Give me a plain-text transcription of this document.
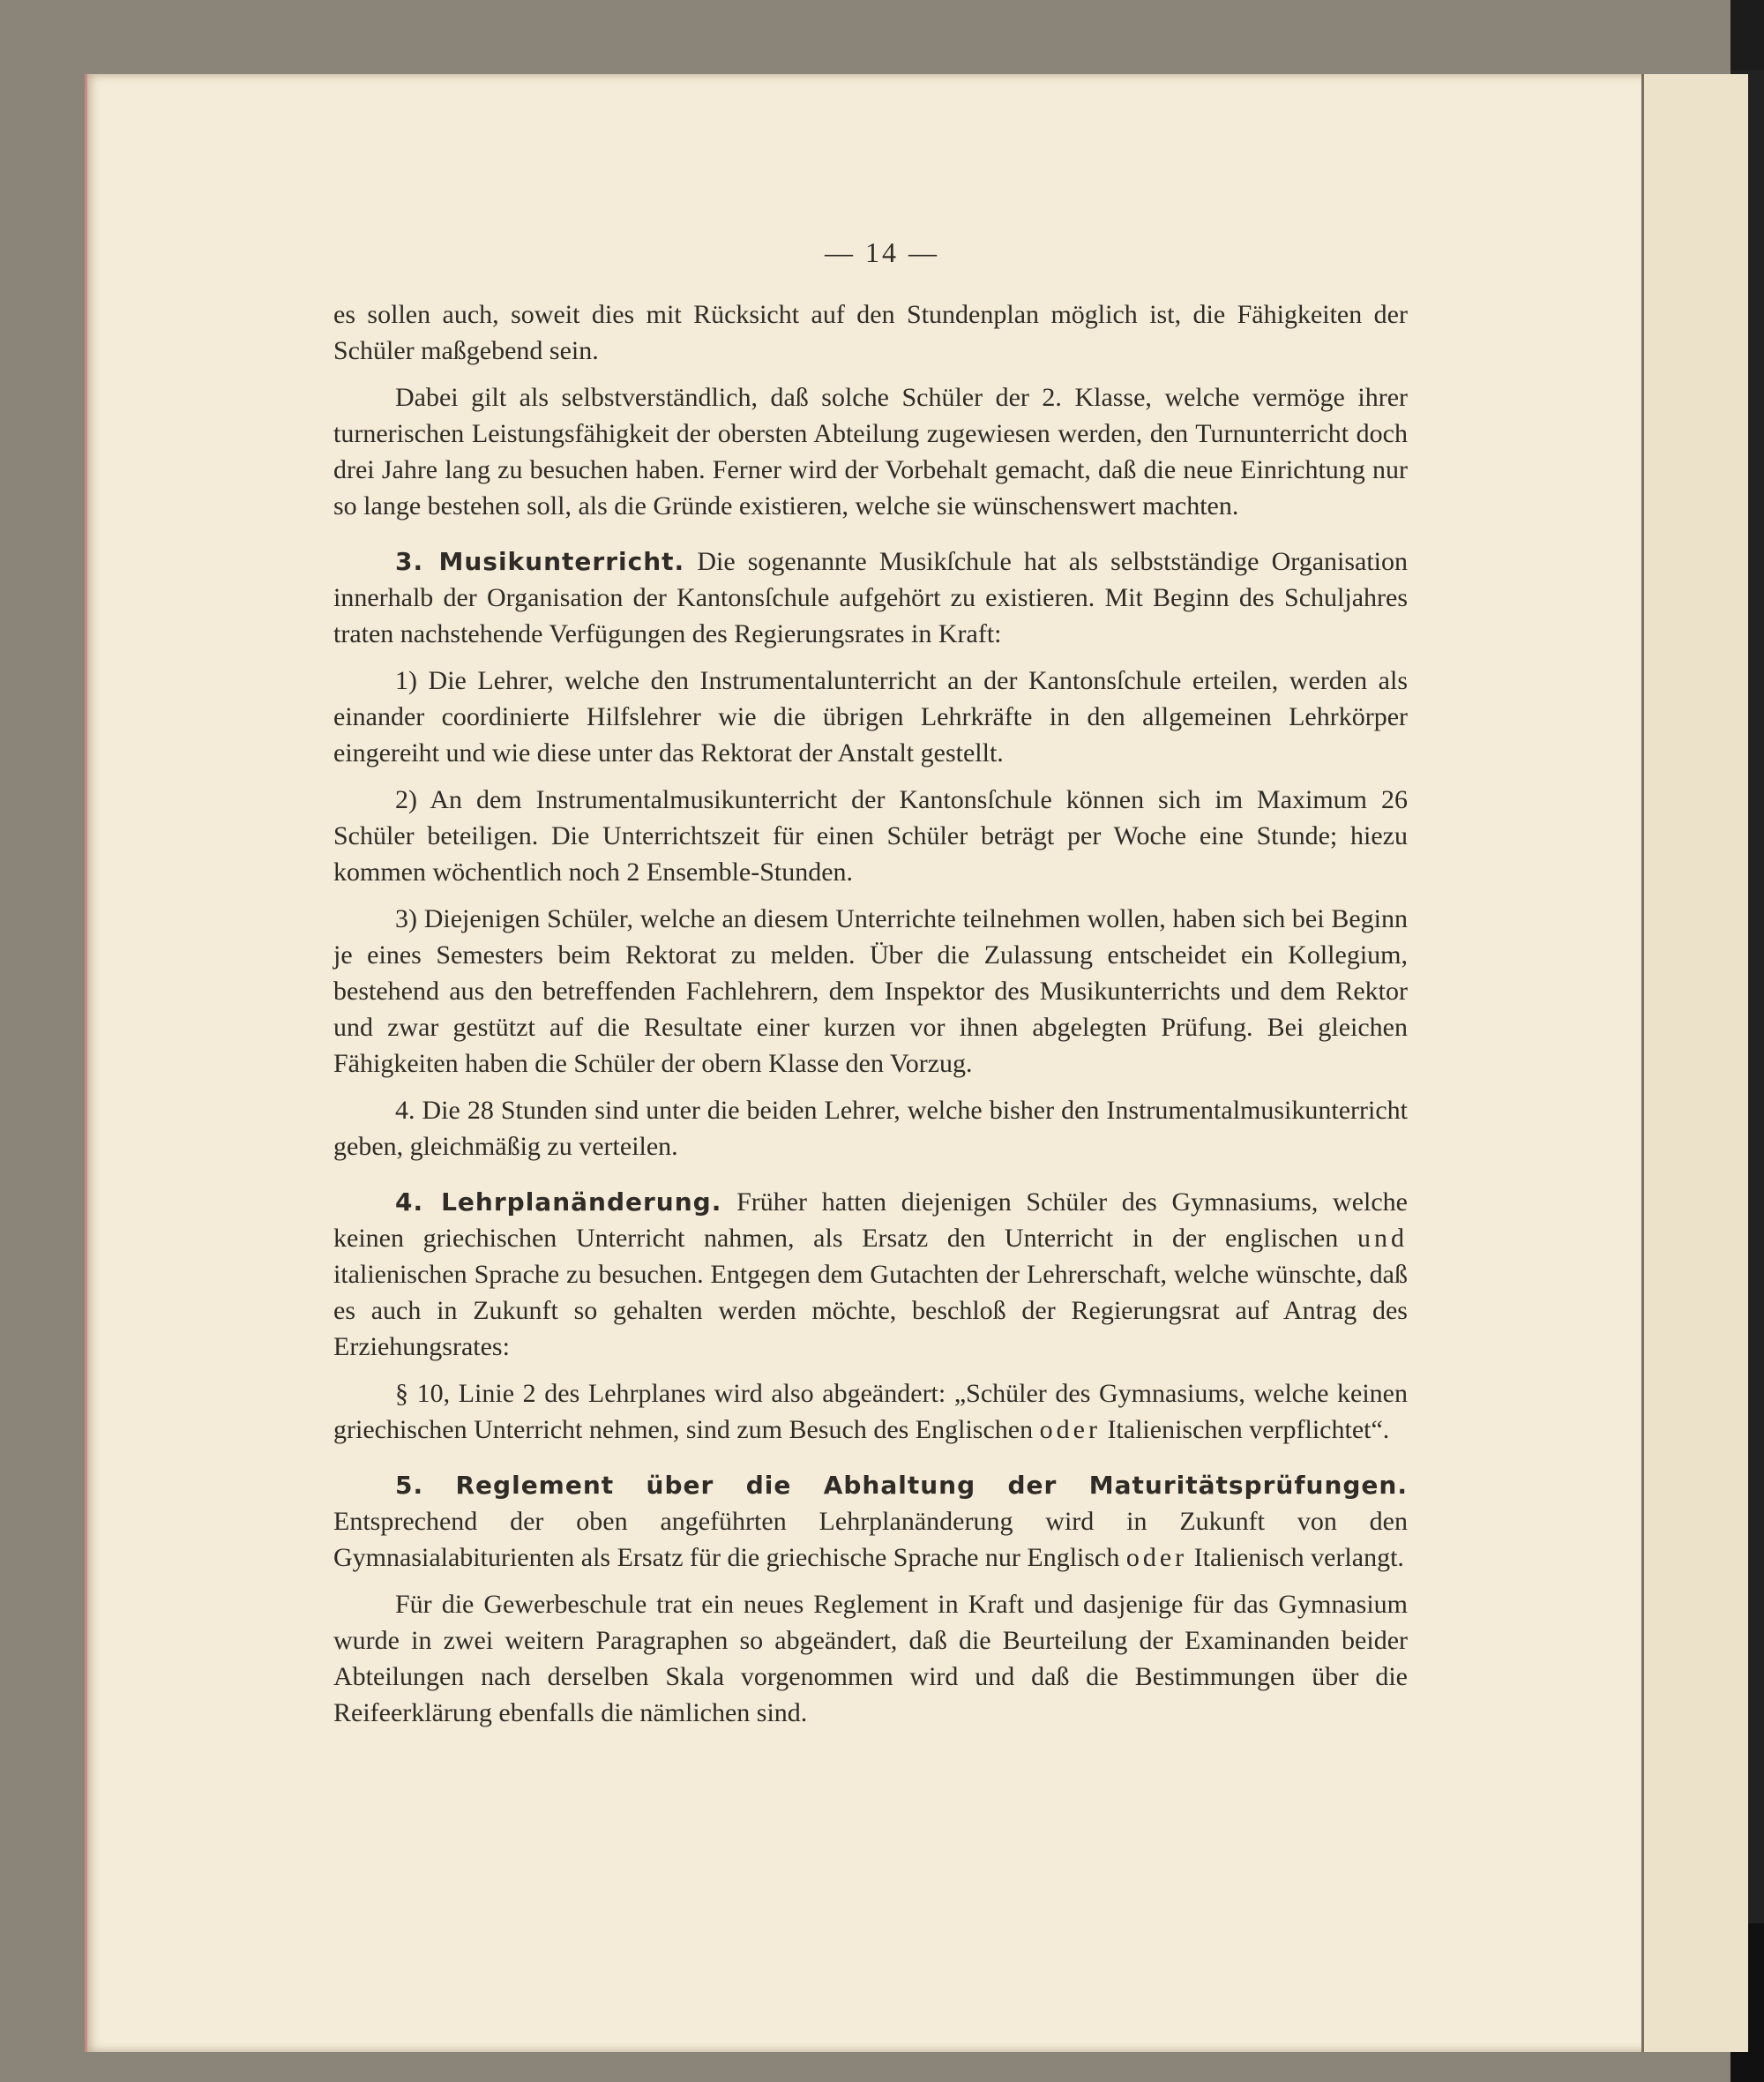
— 14 —

es sollen auch, soweit dies mit Rücksicht auf den Stundenplan möglich ist, die Fähigkeiten der Schüler maßgebend sein.

Dabei gilt als selbstverständlich, daß solche Schüler der 2. Klasse, welche vermöge ihrer turnerischen Leistungsfähigkeit der obersten Abteilung zugewiesen werden, den Turnunterricht doch drei Jahre lang zu besuchen haben. Ferner wird der Vorbehalt gemacht, daß die neue Einrichtung nur so lange bestehen soll, als die Gründe existieren, welche sie wünschenswert machten.

3. Musikunterricht. Die sogenannte Musikſchule hat als selbstständige Organisation innerhalb der Organisation der Kantonsſchule aufgehört zu existieren. Mit Beginn des Schuljahres traten nachstehende Verfügungen des Regierungsrates in Kraft:

1) Die Lehrer, welche den Instrumentalunterricht an der Kantonsſchule erteilen, werden als einander coordinierte Hilfslehrer wie die übrigen Lehrkräfte in den allgemeinen Lehrkörper eingereiht und wie diese unter das Rektorat der Anstalt gestellt.

2) An dem Instrumentalmusikunterricht der Kantonsſchule können sich im Maximum 26 Schüler beteiligen. Die Unterrichtszeit für einen Schüler beträgt per Woche eine Stunde; hiezu kommen wöchentlich noch 2 Ensemble-Stunden.

3) Diejenigen Schüler, welche an diesem Unterrichte teilnehmen wollen, haben sich bei Beginn je eines Semesters beim Rektorat zu melden. Über die Zulassung entscheidet ein Kollegium, bestehend aus den betreffenden Fachlehrern, dem Inspektor des Musikunterrichts und dem Rektor und zwar gestützt auf die Resultate einer kurzen vor ihnen abgelegten Prüfung. Bei gleichen Fähigkeiten haben die Schüler der obern Klasse den Vorzug.

4. Die 28 Stunden sind unter die beiden Lehrer, welche bisher den Instrumentalmusikunterricht geben, gleichmäßig zu verteilen.

4. Lehrplanänderung. Früher hatten diejenigen Schüler des Gymnasiums, welche keinen griechischen Unterricht nahmen, als Ersatz den Unterricht in der englischen und italienischen Sprache zu besuchen. Entgegen dem Gutachten der Lehrerschaft, welche wünschte, daß es auch in Zukunft so gehalten werden möchte, beschloß der Regierungsrat auf Antrag des Erziehungsrates:

§ 10, Linie 2 des Lehrplanes wird also abgeändert: „Schüler des Gymnasiums, welche keinen griechischen Unterricht nehmen, sind zum Besuch des Englischen oder Italienischen verpflichtet“.

5. Reglement über die Abhaltung der Maturitätsprüfungen. Entsprechend der oben angeführten Lehrplanänderung wird in Zukunft von den Gymnasialabiturienten als Ersatz für die griechische Sprache nur Englisch oder Italienisch verlangt.

Für die Gewerbeschule trat ein neues Reglement in Kraft und dasjenige für das Gymnasium wurde in zwei weitern Paragraphen so abgeändert, daß die Beurteilung der Examinanden beider Abteilungen nach derselben Skala vorgenommen wird und daß die Bestimmungen über die Reifeerklärung ebenfalls die nämlichen sind.
